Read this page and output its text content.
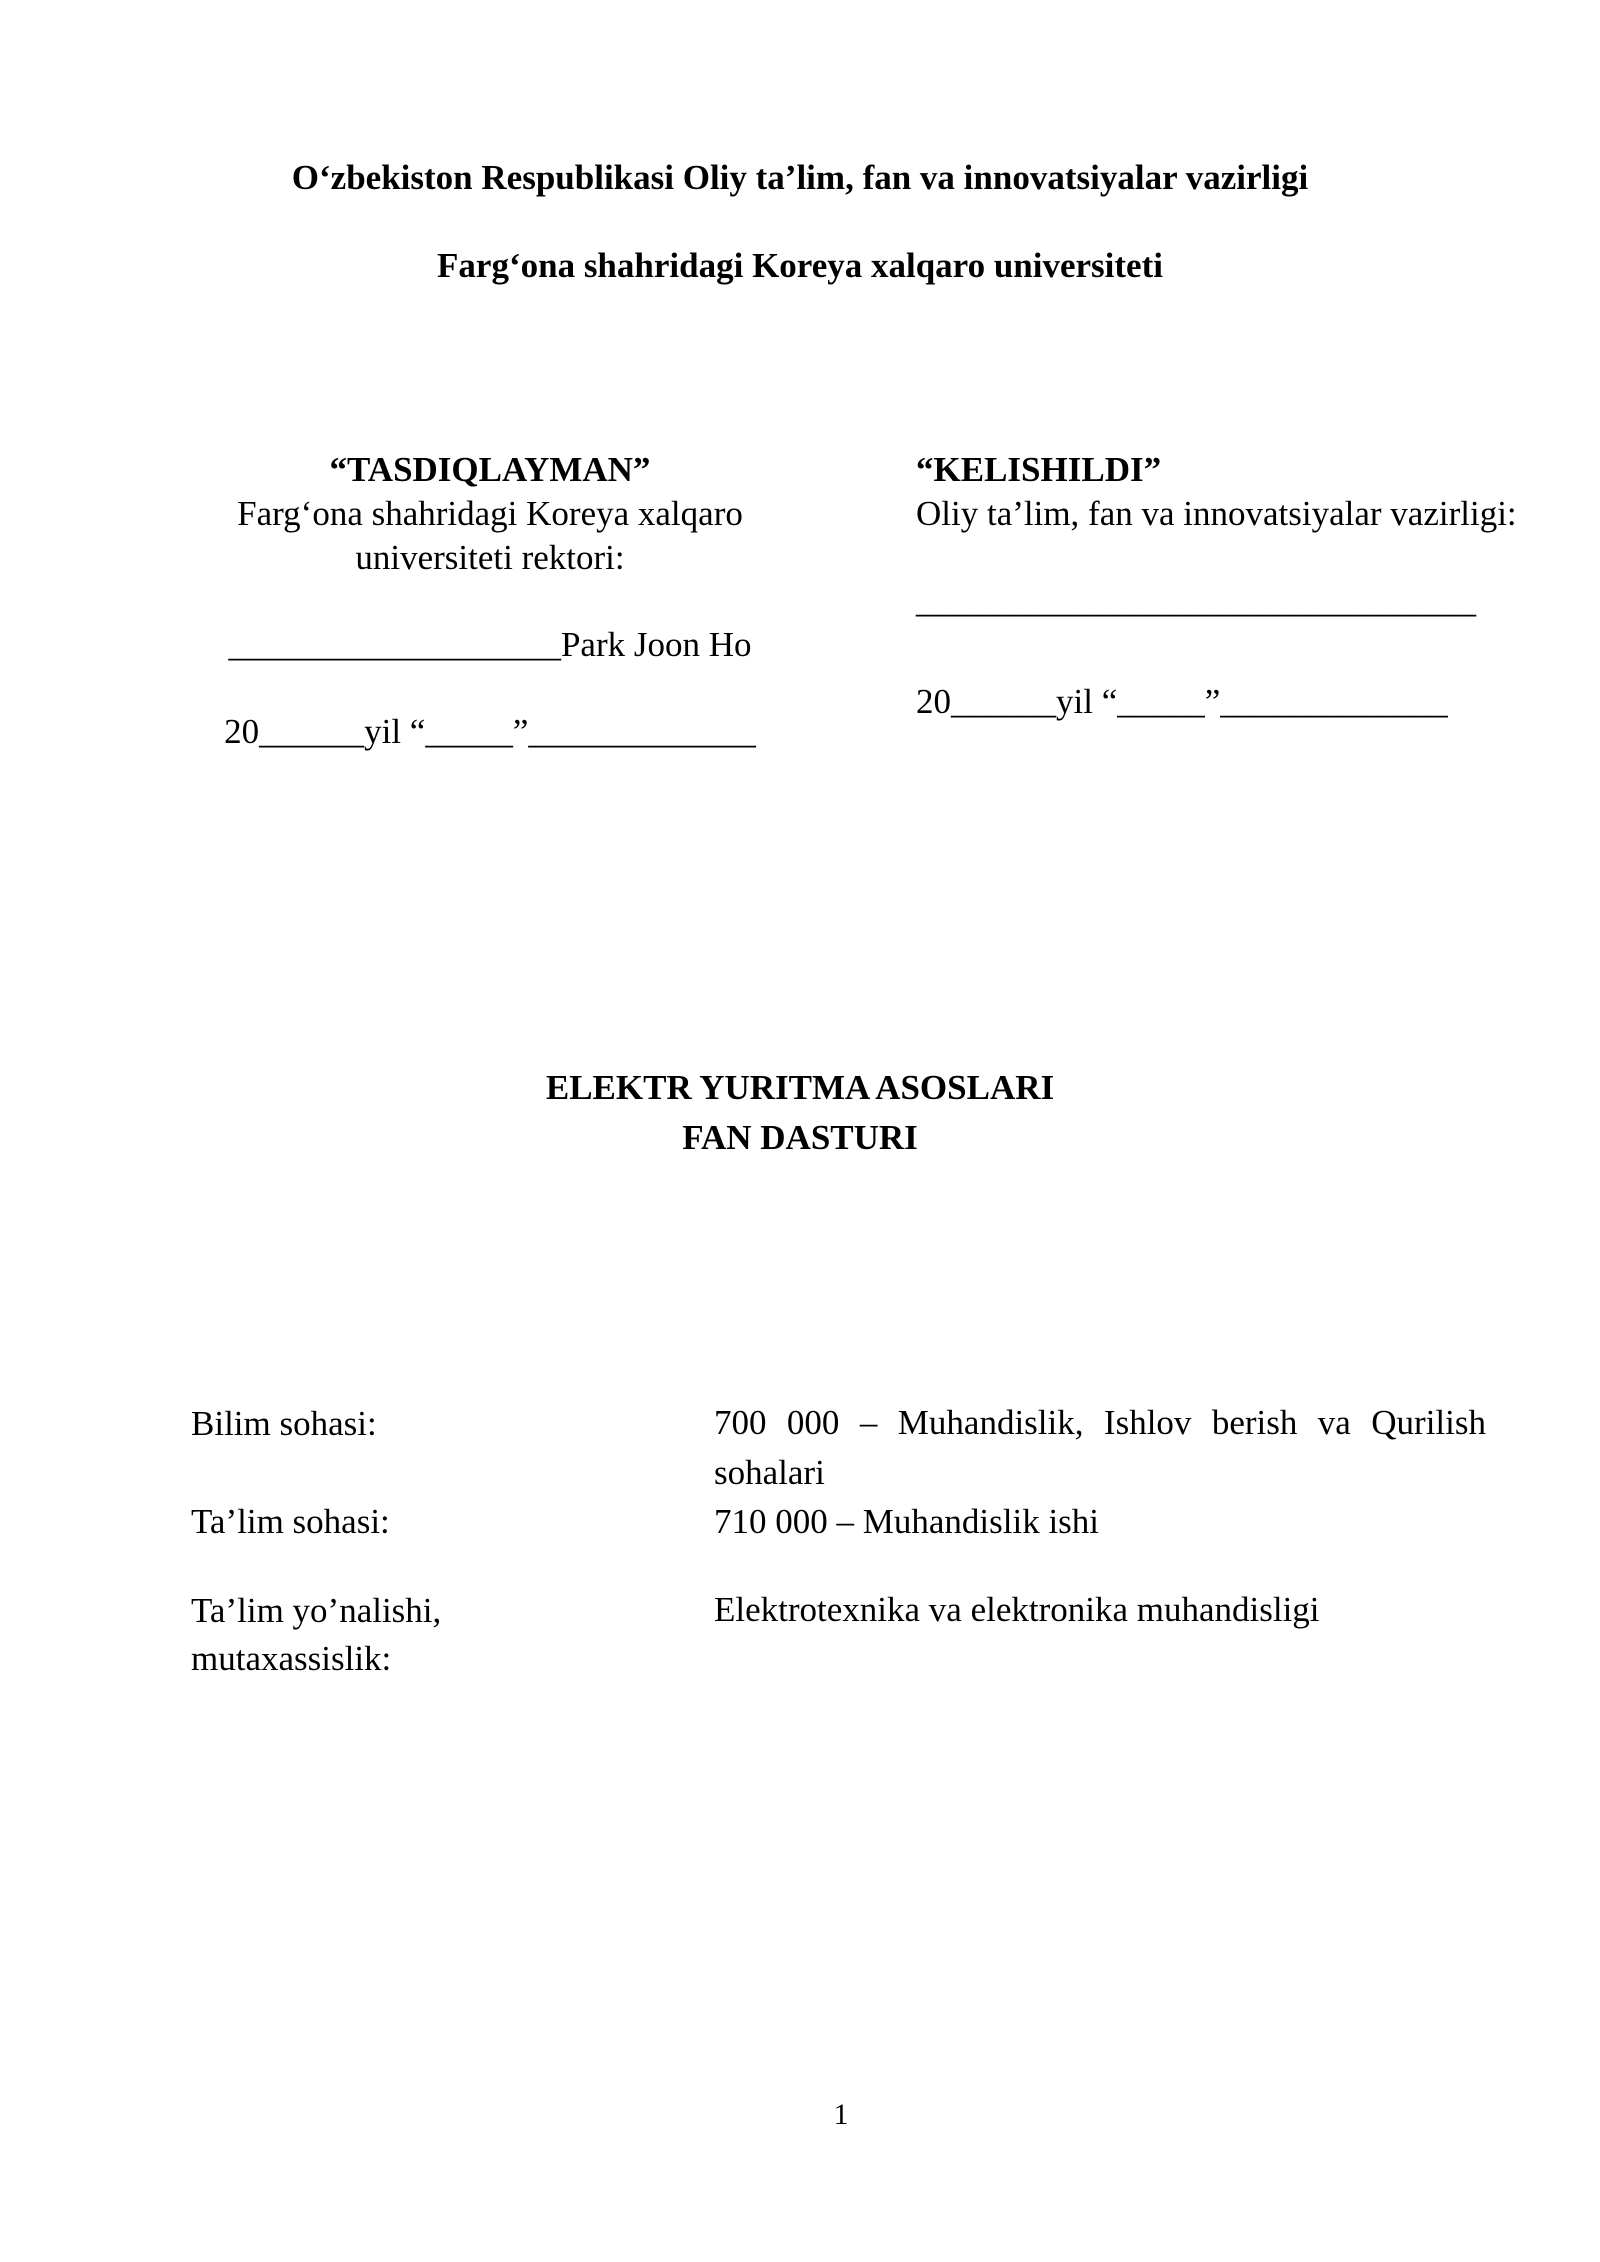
O‘zbekiston Respublikasi Oliy ta’lim, fan va innovatsiyalar vazirligi
Farg‘ona shahridagi Koreya xalqaro universiteti
“TASDIQLAYMAN”
Farg‘ona shahridagi Koreya xalqaro
universiteti rektori:
___________________Park Joon Ho
20______yil “_____”_____________
“KELISHILDI”
Oliy ta’lim, fan va innovatsiyalar vazirligi:
________________________________
20______yil “_____”_____________
ELEKTR YURITMA ASOSLARI
FAN DASTURI
Bilim sohasi:	700 000 – Muhandislik, Ishlov berish va Qurilish sohalari
Ta’lim sohasi:	710 000 – Muhandislik ishi
Ta’lim yo’nalishi, mutaxassislik:
Elektrotexnika va elektronika muhandisligi
1
